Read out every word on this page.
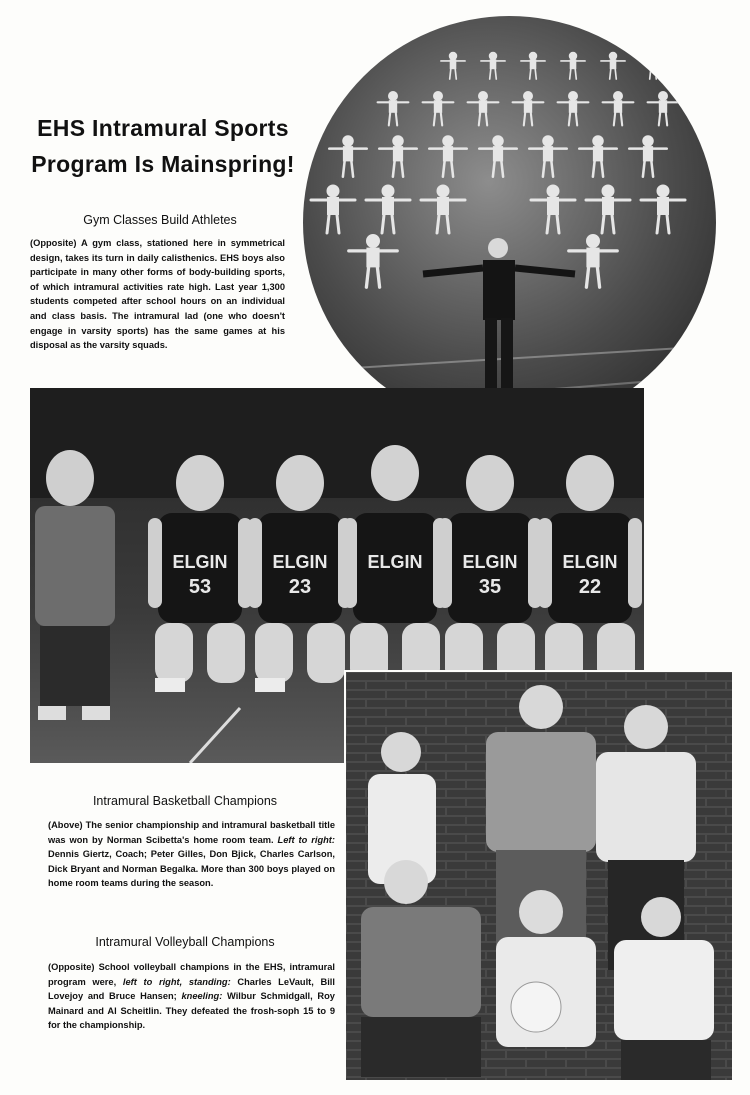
EHS Intramural Sports
Program Is Mainspring!
Gym Classes Build Athletes

(Opposite) A gym class, stationed here in symmetrical design, takes its turn in daily calisthenics. EHS boys also participate in many other forms of body-building sports, of which intramural activities rate high. Last year 1,300 students competed after school hours on an individual and class basis. The intramural lad (one who doesn't engage in varsity sports) has the same games at his disposal as the varsity squads.

ELGIN
53
ELGIN
23
ELGIN ELGIN
35
ELGIN
22
Intramural Basketball Champions

(Above) The senior championship and intramural basketball title was won by Norman Scibetta's home room team. Left to right: Dennis Giertz, Coach; Peter Gilles, Don Bjick, Charles Carlson, Dick Bryant and Norman Begalka. More than 300 boys played on home room teams during the season.

Intramural Volleyball Champions

(Opposite) School volleyball champions in the EHS, intramural program were, left to right, standing: Charles LeVault, Bill Lovejoy and Bruce Hansen; kneeling: Wilbur Schmidgall, Roy Mainard and Al Scheitlin. They defeated the frosh-soph 15 to 9 for the championship.
